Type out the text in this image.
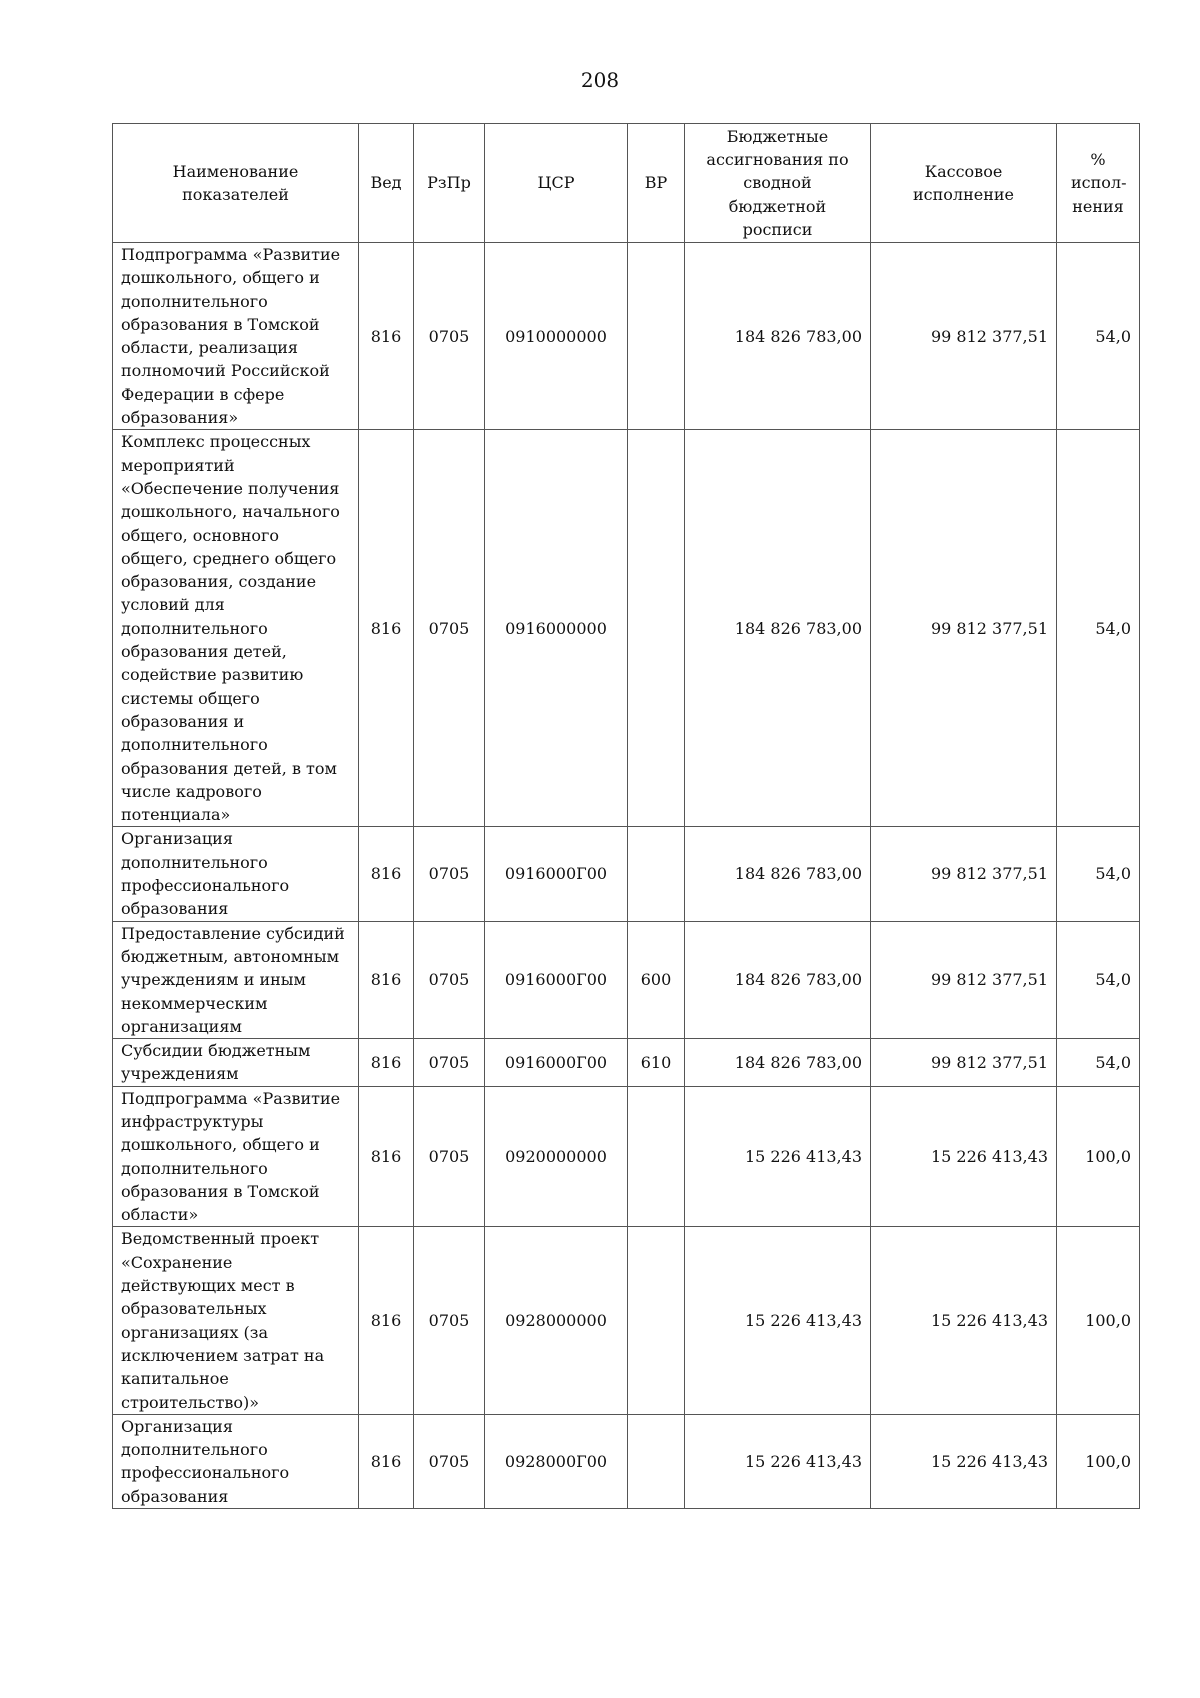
208
Наименование показателей	Вед	РзПр	ЦСР	ВР	Бюджетные ассигнования по сводной бюджетной росписи	Кассовое исполнение	% испол-нения
Подпрограмма «Развитие дошкольного, общего и дополнительного образования в Томской области, реализация полномочий Российской Федерации в сфере образования»	816	0705	0910000000		184 826 783,00	99 812 377,51	54,0
Комплекс процессных мероприятий «Обеспечение получения дошкольного, начального общего, основного общего, среднего общего образования, создание условий для дополнительного образования детей, содействие развитию системы общего образования и дополнительного образования детей, в том числе кадрового потенциала»	816	0705	0916000000		184 826 783,00	99 812 377,51	54,0
Организация дополнительного профессионального образования	816	0705	0916000Г00		184 826 783,00	99 812 377,51	54,0
Предоставление субсидий бюджетным, автономным учреждениям и иным некоммерческим организациям	816	0705	0916000Г00	600	184 826 783,00	99 812 377,51	54,0
Субсидии бюджетным учреждениям	816	0705	0916000Г00	610	184 826 783,00	99 812 377,51	54,0
Подпрограмма «Развитие инфраструктуры дошкольного, общего и дополнительного образования в Томской области»	816	0705	0920000000		15 226 413,43	15 226 413,43	100,0
Ведомственный проект «Сохранение действующих мест в образовательных организациях (за исключением затрат на капитальное строительство)»	816	0705	0928000000		15 226 413,43	15 226 413,43	100,0
Организация дополнительного профессионального образования	816	0705	0928000Г00		15 226 413,43	15 226 413,43	100,0
